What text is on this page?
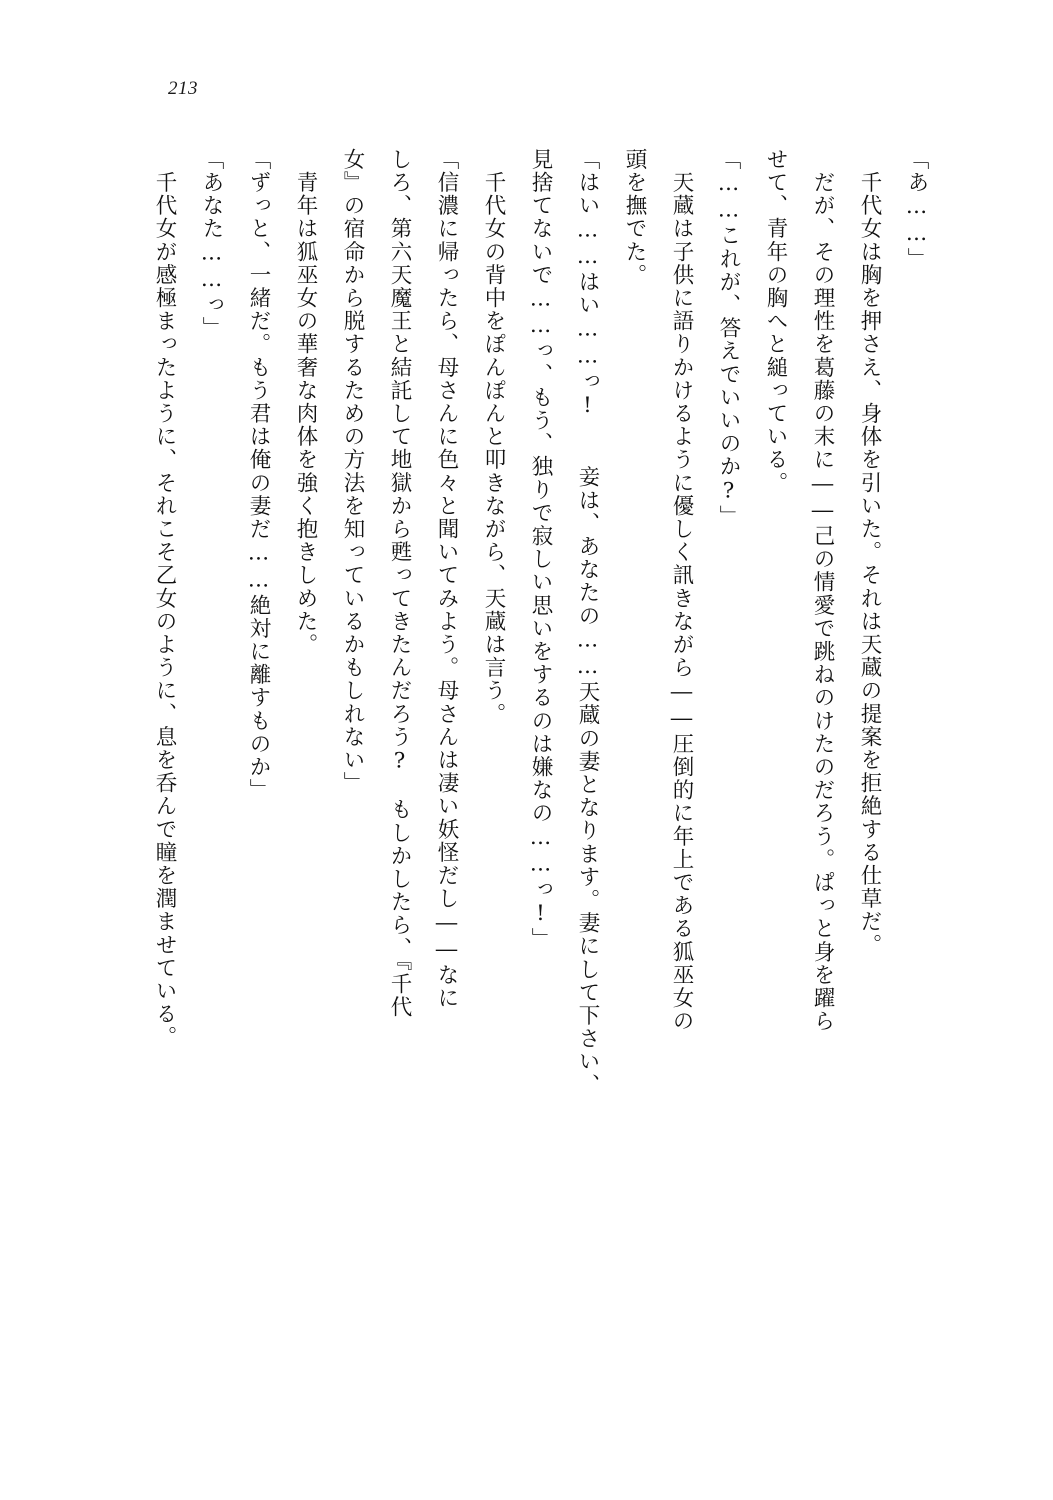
213

「あ……」

　千代女は胸を押さえ、身体を引いた。それは天蔵の提案を拒絶する仕草だ。

　だが、その理性を葛藤の末に――己の情愛で跳ねのけたのだろう。ぱっと身を躍ら

せて、青年の胸へと縋っている。

「……これが、答えでいいのか?」

　天蔵は子供に語りかけるように優しく訊きながら――圧倒的に年上である狐巫女の

頭を撫でた。

「はい……はい……っ!　　妾は、あなたの……天蔵の妻となります。妻にして下さい、

見捨てないで……っ、もう、独りで寂しい思いをするのは嫌なの……っ!」

　千代女の背中をぽんぽんと叩きながら、天蔵は言う。

「信濃に帰ったら、母さんに色々と聞いてみよう。母さんは凄い妖怪だし――なに

しろ、第六天魔王と結託して地獄から甦ってきたんだろう?　もしかしたら、『千代

女』の宿命から脱するための方法を知っているかもしれない」

　青年は狐巫女の華奢な肉体を強く抱きしめた。

「ずっと、一緒だ。もう君は俺の妻だ……絶対に離すものか」

「あなた……っ」

　千代女が感極まったように、それこそ乙女のように、息を呑んで瞳を潤ませている。
